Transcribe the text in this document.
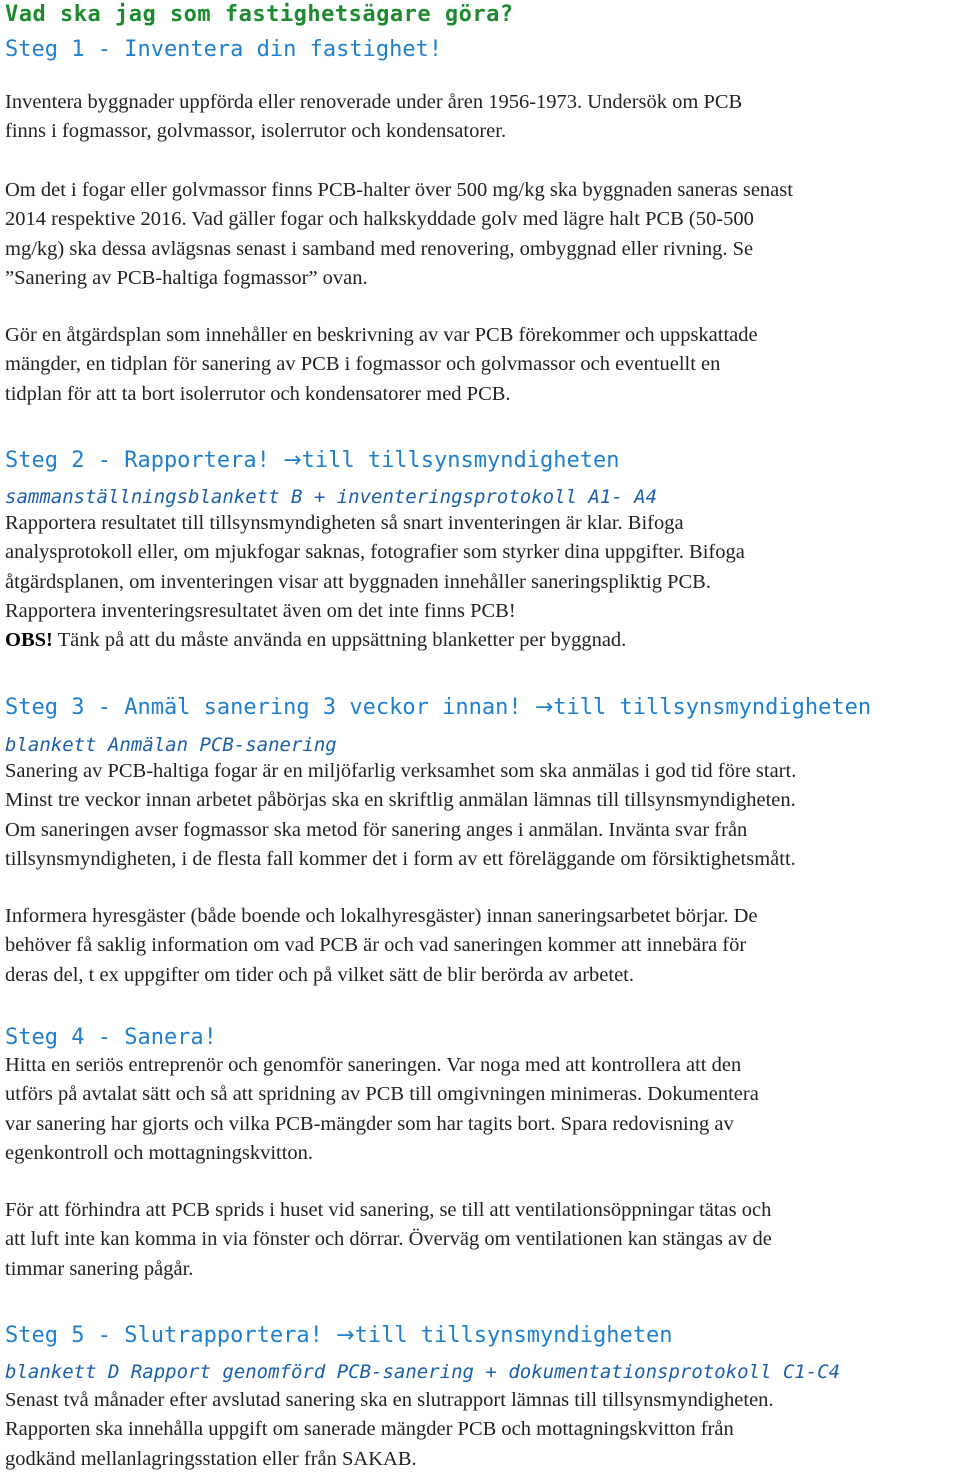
Vad ska jag som fastighetsägare göra?
Steg 1 - Inventera din fastighet!
Inventera byggnader uppförda eller renoverade under åren 1956-1973. Undersök om PCB
finns i fogmassor, golvmassor, isolerrutor och kondensatorer.
Om det i fogar eller golvmassor finns PCB-halter över 500 mg/kg ska byggnaden saneras senast
2014 respektive 2016. Vad gäller fogar och halkskyddade golv med lägre halt PCB (50-500
mg/kg) ska dessa avlägsnas senast i samband med renovering, ombyggnad eller rivning. Se
”Sanering av PCB-haltiga fogmassor” ovan.
Gör en åtgärdsplan som innehåller en beskrivning av var PCB förekommer och uppskattade
mängder, en tidplan för sanering av PCB i fogmassor och golvmassor och eventuellt en
tidplan för att ta bort isolerrutor och kondensatorer med PCB.
Steg 2 - Rapportera! →till tillsynsmyndigheten
sammanställningsblankett B + inventeringsprotokoll A1- A4
Rapportera resultatet till tillsynsmyndigheten så snart inventeringen är klar. Bifoga
analysprotokoll eller, om mjukfogar saknas, fotografier som styrker dina uppgifter. Bifoga
åtgärdsplanen, om inventeringen visar att byggnaden innehåller saneringspliktig PCB.
Rapportera inventeringsresultatet även om det inte finns PCB!
OBS! Tänk på att du måste använda en uppsättning blanketter per byggnad.
Steg 3 - Anmäl sanering 3 veckor innan! →till tillsynsmyndigheten
blankett Anmälan PCB-sanering
Sanering av PCB-haltiga fogar är en miljöfarlig verksamhet som ska anmälas i god tid före start.
Minst tre veckor innan arbetet påbörjas ska en skriftlig anmälan lämnas till tillsynsmyndigheten.
Om saneringen avser fogmassor ska metod för sanering anges i anmälan. Invänta svar från
tillsynsmyndigheten, i de flesta fall kommer det i form av ett föreläggande om försiktighetsmått.
Informera hyresgäster (både boende och lokalhyresgäster) innan saneringsarbetet börjar. De
behöver få saklig information om vad PCB är och vad saneringen kommer att innebära för
deras del, t ex uppgifter om tider och på vilket sätt de blir berörda av arbetet.
Steg 4 - Sanera!
Hitta en seriös entreprenör och genomför saneringen. Var noga med att kontrollera att den
utförs på avtalat sätt och så att spridning av PCB till omgivningen minimeras. Dokumentera
var sanering har gjorts och vilka PCB-mängder som har tagits bort. Spara redovisning av
egenkontroll och mottagningskvitton.
För att förhindra att PCB sprids i huset vid sanering, se till att ventilationsöppningar tätas och
att luft inte kan komma in via fönster och dörrar. Överväg om ventilationen kan stängas av de
timmar sanering pågår.
Steg 5 - Slutrapportera! →till tillsynsmyndigheten
blankett D Rapport genomförd PCB-sanering + dokumentationsprotokoll C1-C4
Senast två månader efter avslutad sanering ska en slutrapport lämnas till tillsynsmyndigheten.
Rapporten ska innehålla uppgift om sanerade mängder PCB och mottagningskvitton från
godkänd mellanlagringsstation eller från SAKAB.
